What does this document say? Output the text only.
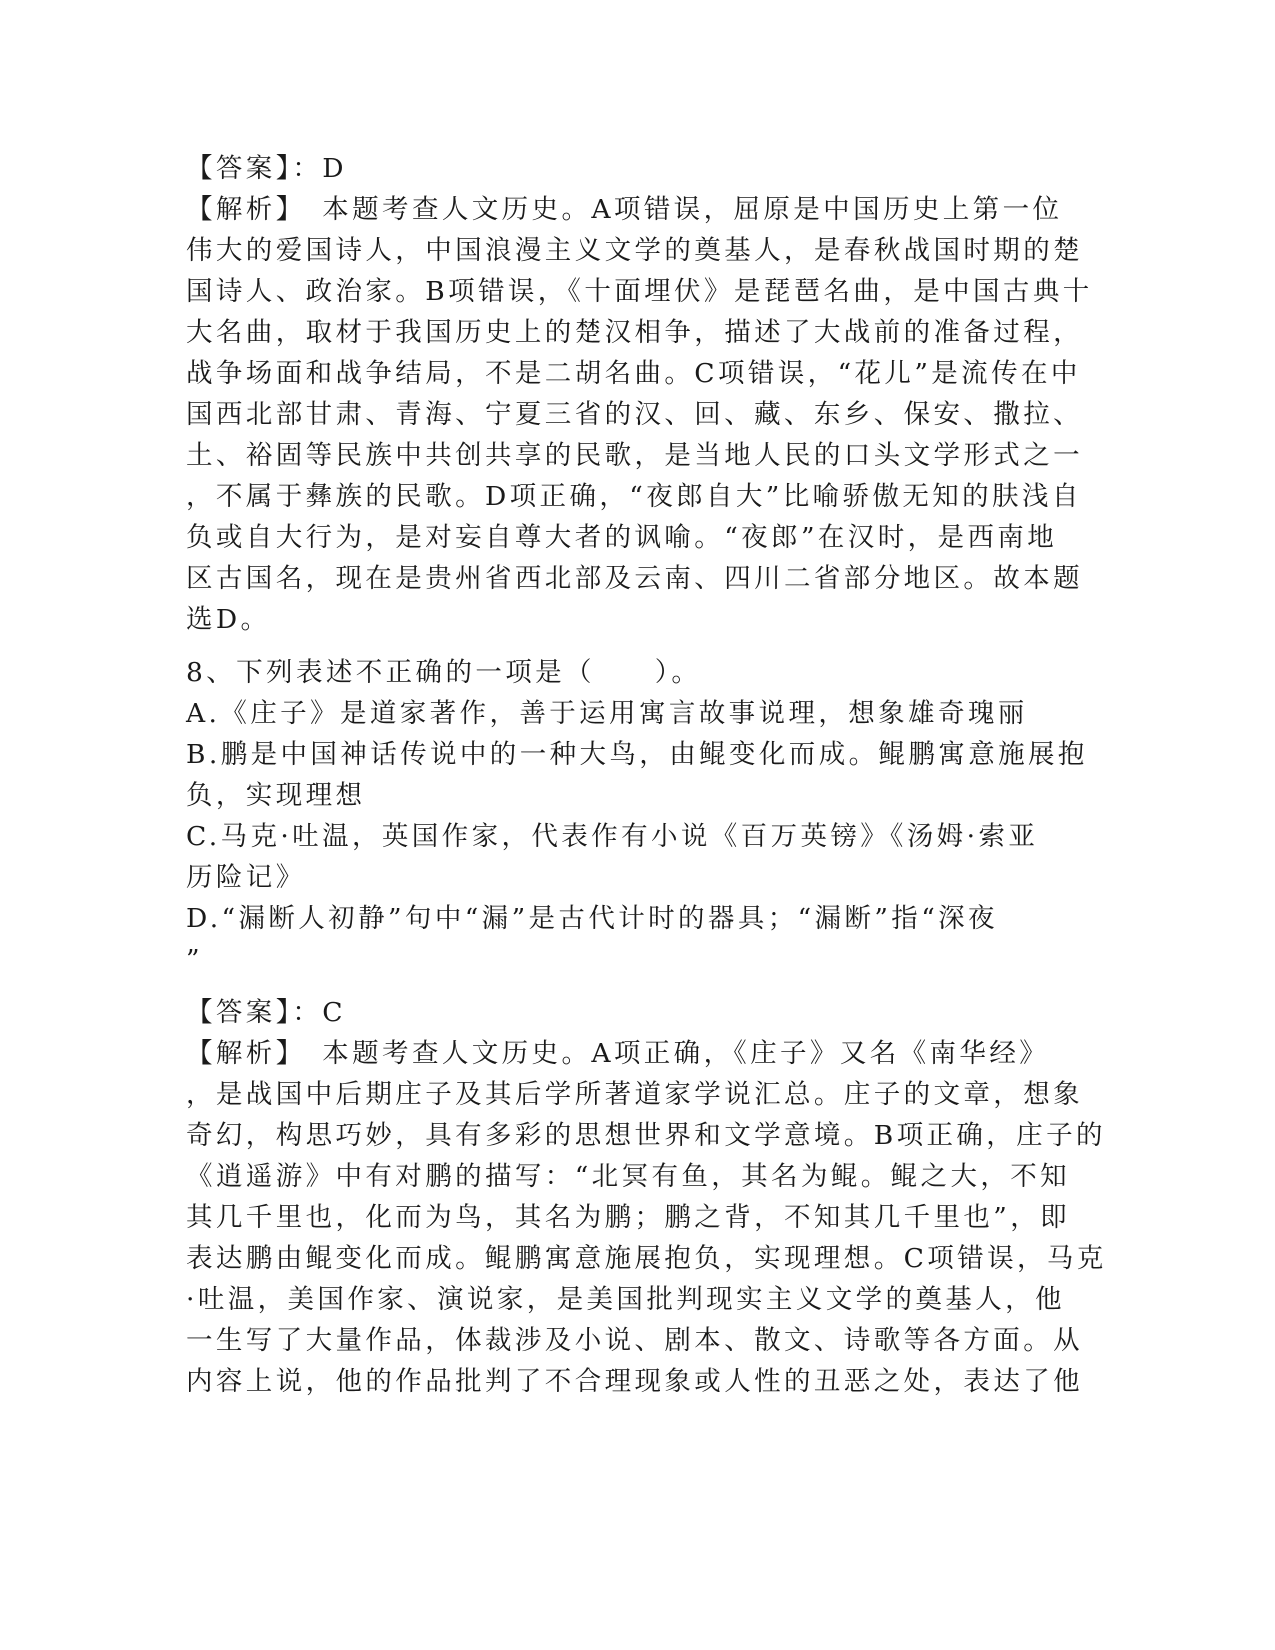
【答案】：D
【解析】　本题考查人文历史。A项错误，屈原是中国历史上第一位
伟大的爱国诗人，中国浪漫主义文学的奠基人，是春秋战国时期的楚
国诗人、政治家。B项错误，《十面埋伏》是琵琶名曲，是中国古典十
大名曲，取材于我国历史上的楚汉相争，描述了大战前的准备过程，
战争场面和战争结局，不是二胡名曲。C项错误，“花儿”是流传在中
国西北部甘肃、青海、宁夏三省的汉、回、藏、东乡、保安、撒拉、
土、裕固等民族中共创共享的民歌，是当地人民的口头文学形式之一
，不属于彝族的民歌。D项正确，“夜郎自大”比喻骄傲无知的肤浅自
负或自大行为，是对妄自尊大者的讽喻。“夜郎”在汉时，是西南地
区古国名，现在是贵州省西北部及云南、四川二省部分地区。故本题
选D。
8、下列表述不正确的一项是（　　）。
A.《庄子》是道家著作，善于运用寓言故事说理，想象雄奇瑰丽
B.鹏是中国神话传说中的一种大鸟，由鲲变化而成。鲲鹏寓意施展抱
负，实现理想
C.马克·吐温，英国作家，代表作有小说《百万英镑》《汤姆·索亚
历险记》
D.“漏断人初静”句中“漏”是古代计时的器具；“漏断”指“深夜
”
【答案】：C
【解析】　本题考查人文历史。A项正确，《庄子》又名《南华经》
，是战国中后期庄子及其后学所著道家学说汇总。庄子的文章，想象
奇幻，构思巧妙，具有多彩的思想世界和文学意境。B项正确，庄子的
《逍遥游》中有对鹏的描写：“北冥有鱼，其名为鲲。鲲之大，不知
其几千里也，化而为鸟，其名为鹏；鹏之背，不知其几千里也”，即
表达鹏由鲲变化而成。鲲鹏寓意施展抱负，实现理想。C项错误，马克
·吐温，美国作家、演说家，是美国批判现实主义文学的奠基人，他
一生写了大量作品，体裁涉及小说、剧本、散文、诗歌等各方面。从
内容上说，他的作品批判了不合理现象或人性的丑恶之处，表达了他
